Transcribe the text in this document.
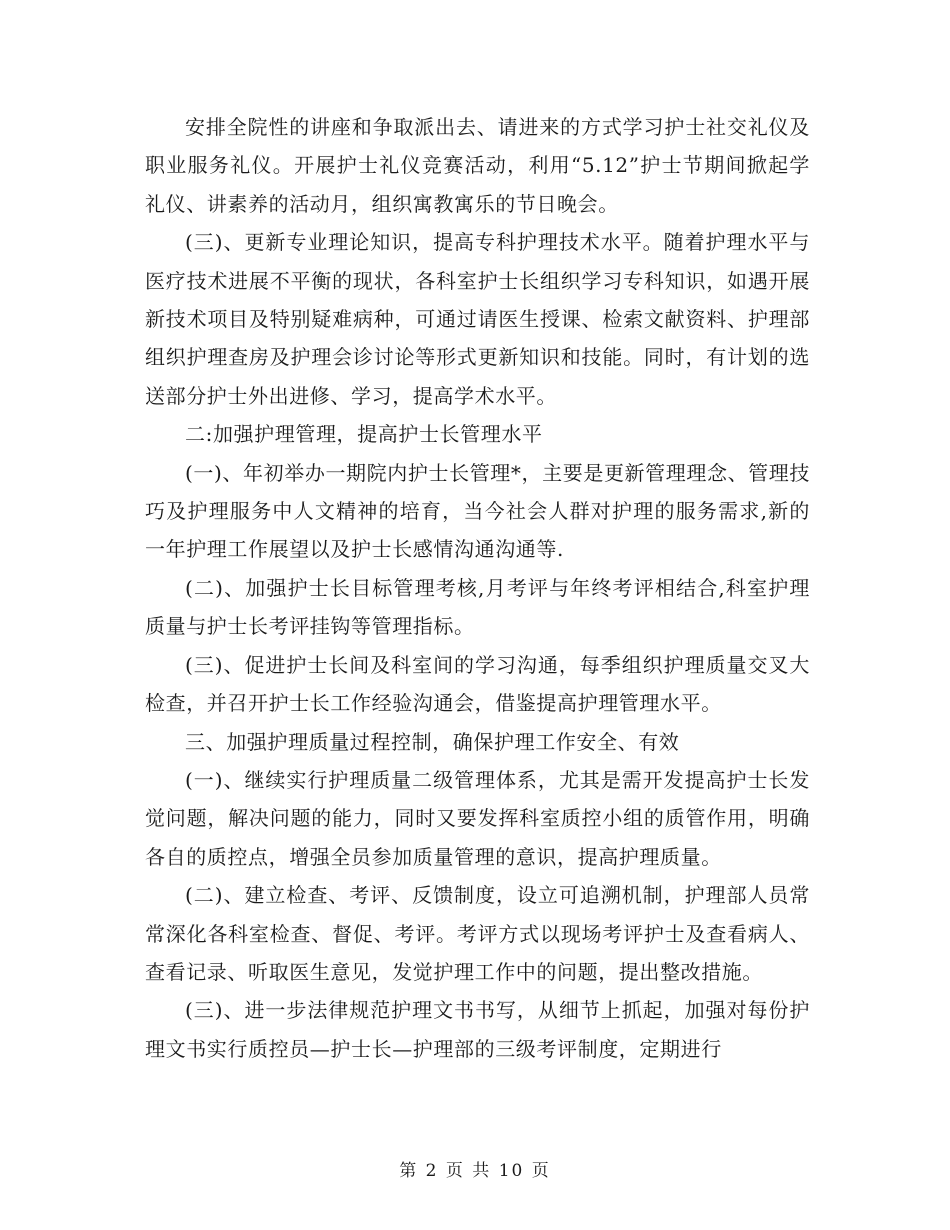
安排全院性的讲座和争取派出去、请进来的方式学习护士社交礼仪及职业服务礼仪。开展护士礼仪竞赛活动，利用“5.12”护士节期间掀起学礼仪、讲素养的活动月，组织寓教寓乐的节日晚会。

(三)、更新专业理论知识，提高专科护理技术水平。随着护理水平与医疗技术进展不平衡的现状，各科室护士长组织学习专科知识，如遇开展新技术项目及特别疑难病种，可通过请医生授课、检索文献资料、护理部组织护理查房及护理会诊讨论等形式更新知识和技能。同时，有计划的选送部分护士外出进修、学习，提高学术水平。

二:加强护理管理，提高护士长管理水平

(一)、年初举办一期院内护士长管理*，主要是更新管理理念、管理技巧及护理服务中人文精神的培育，当今社会人群对护理的服务需求,新的一年护理工作展望以及护士长感情沟通沟通等.

(二)、加强护士长目标管理考核,月考评与年终考评相结合,科室护理质量与护士长考评挂钩等管理指标。

(三)、促进护士长间及科室间的学习沟通，每季组织护理质量交叉大检查，并召开护士长工作经验沟通会，借鉴提高护理管理水平。

三、加强护理质量过程控制，确保护理工作安全、有效

(一)、继续实行护理质量二级管理体系，尤其是需开发提高护士长发觉问题，解决问题的能力，同时又要发挥科室质控小组的质管作用，明确各自的质控点，增强全员参加质量管理的意识，提高护理质量。

(二)、建立检查、考评、反馈制度，设立可追溯机制，护理部人员常常深化各科室检查、督促、考评。考评方式以现场考评护士及查看病人、查看记录、听取医生意见，发觉护理工作中的问题，提出整改措施。

(三)、进一步法律规范护理文书书写，从细节上抓起，加强对每份护理文书实行质控员—护士长—护理部的三级考评制度，定期进行

第 2 页 共 10 页
